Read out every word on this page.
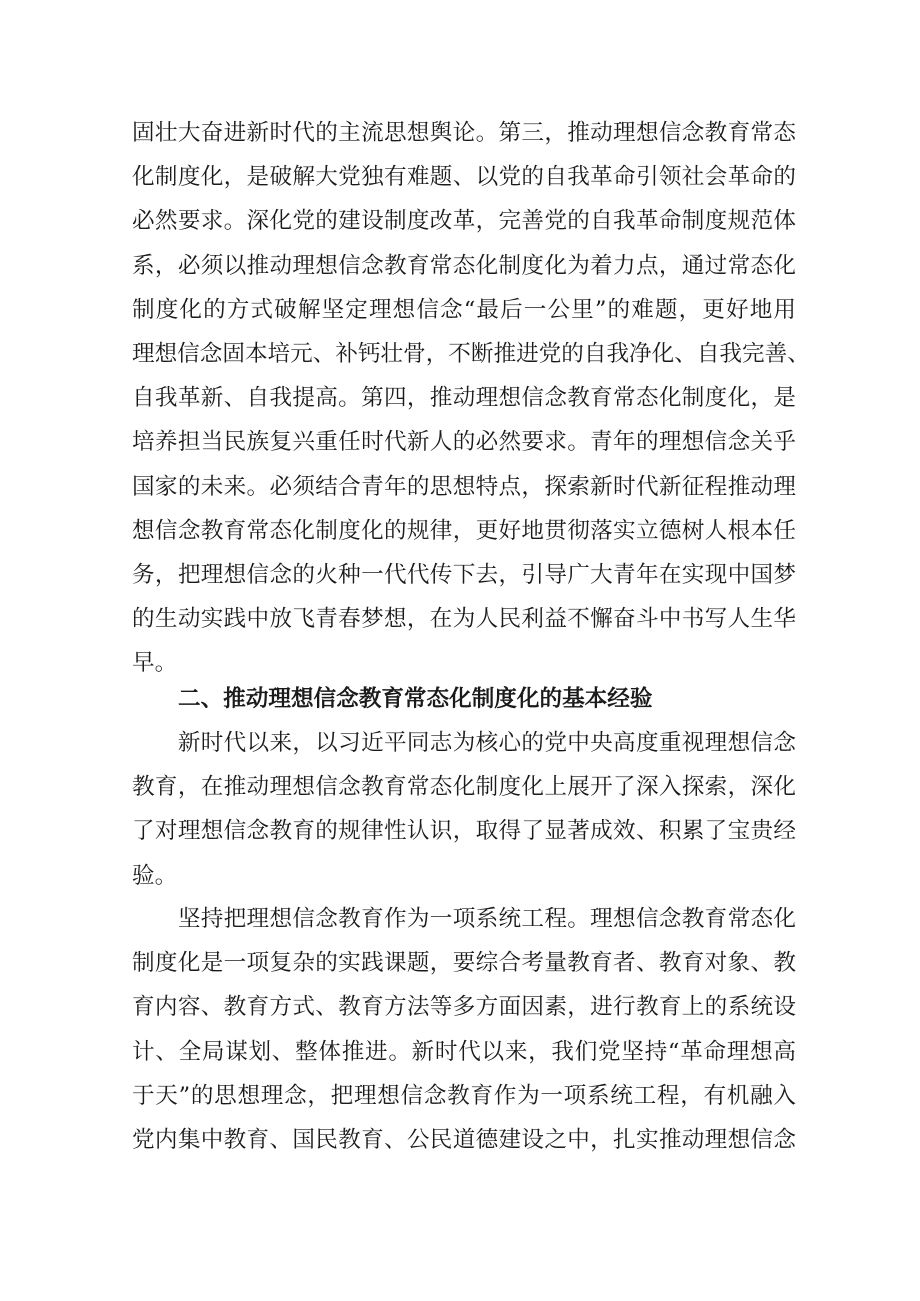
固壮大奋进新时代的主流思想舆论。第三，推动理想信念教育常态
化制度化，是破解大党独有难题、以党的自我革命引领社会革命的
必然要求。深化党的建设制度改革，完善党的自我革命制度规范体
系，必须以推动理想信念教育常态化制度化为着力点，通过常态化
制度化的方式破解坚定理想信念“最后一公里”的难题，更好地用
理想信念固本培元、补钙壮骨，不断推进党的自我净化、自我完善、
自我革新、自我提高。第四，推动理想信念教育常态化制度化，是
培养担当民族复兴重任时代新人的必然要求。青年的理想信念关乎
国家的未来。必须结合青年的思想特点，探索新时代新征程推动理
想信念教育常态化制度化的规律，更好地贯彻落实立德树人根本任
务，把理想信念的火种一代代传下去，引导广大青年在实现中国梦
的生动实践中放飞青春梦想，在为人民利益不懈奋斗中书写人生华
早。
二、推动理想信念教育常态化制度化的基本经验
　　新时代以来，以习近平同志为核心的党中央高度重视理想信念
教育，在推动理想信念教育常态化制度化上展开了深入探索，深化
了对理想信念教育的规律性认识，取得了显著成效、积累了宝贵经
验。
　　坚持把理想信念教育作为一项系统工程。理想信念教育常态化
制度化是一项复杂的实践课题，要综合考量教育者、教育对象、教
育内容、教育方式、教育方法等多方面因素，进行教育上的系统设
计、全局谋划、整体推进。新时代以来，我们党坚持“革命理想高
于天”的思想理念，把理想信念教育作为一项系统工程，有机融入
党内集中教育、国民教育、公民道德建设之中，扎实推动理想信念
